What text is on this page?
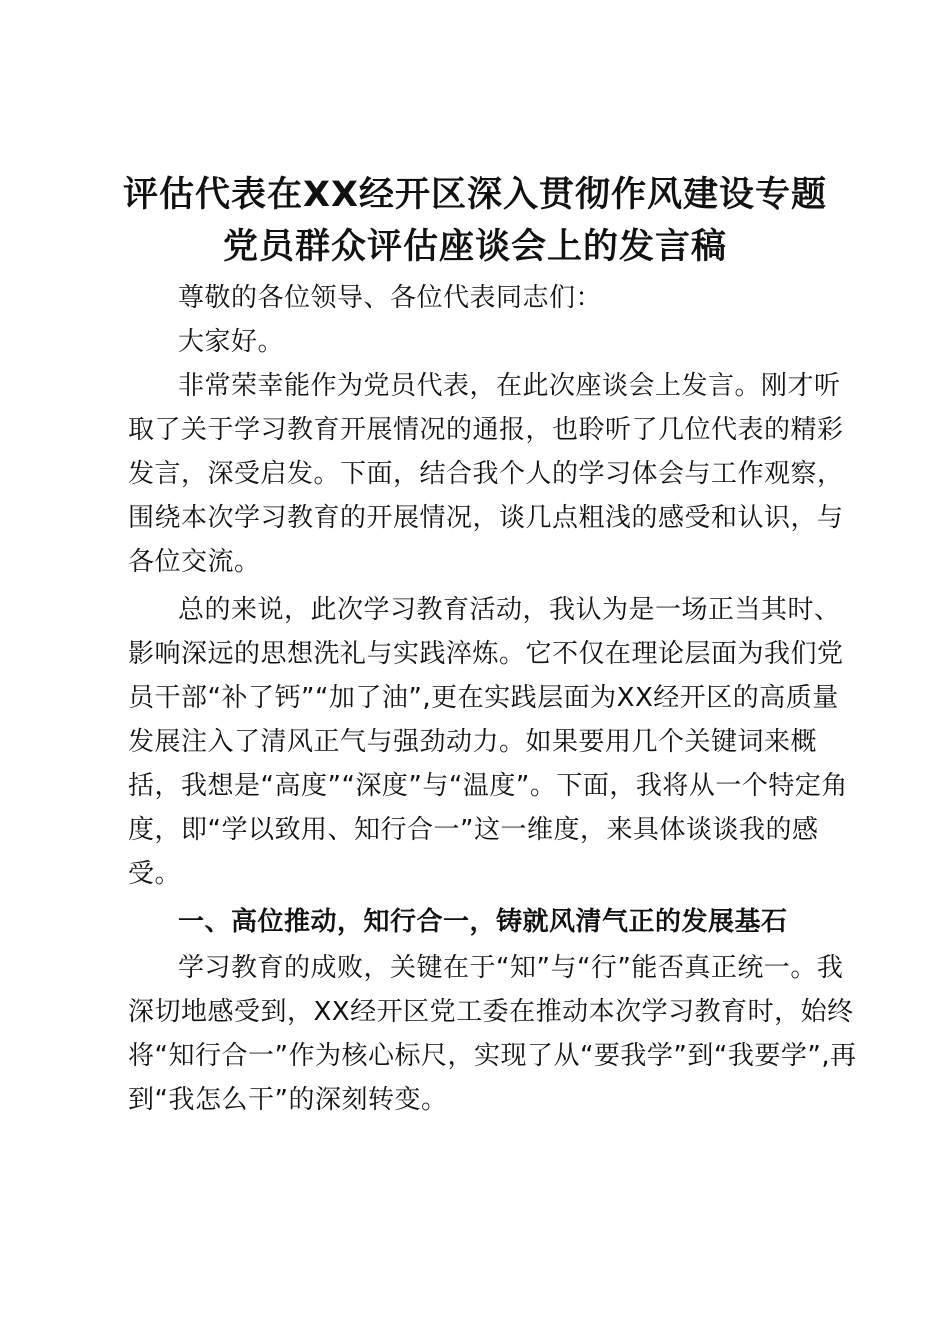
评估代表在XX经开区深入贯彻作风建设专题
党员群众评估座谈会上的发言稿
尊敬的各位领导、各位代表同志们：
大家好。
非常荣幸能作为党员代表，在此次座谈会上发言。刚才听
取了关于学习教育开展情况的通报，也聆听了几位代表的精彩
发言，深受启发。下面，结合我个人的学习体会与工作观察，
围绕本次学习教育的开展情况，谈几点粗浅的感受和认识，与
各位交流。
总的来说，此次学习教育活动，我认为是一场正当其时、
影响深远的思想洗礼与实践淬炼。它不仅在理论层面为我们党
员干部“补了钙”“加了油”,更在实践层面为XX经开区的高质量
发展注入了清风正气与强劲动力。如果要用几个关键词来概
括，我想是“高度”“深度”与“温度”。下面，我将从一个特定角
度，即“学以致用、知行合一”这一维度，来具体谈谈我的感
受。
一、高位推动，知行合一，铸就风清气正的发展基石
学习教育的成败，关键在于“知”与“行”能否真正统一。我
深切地感受到，XX经开区党工委在推动本次学习教育时，始终
将“知行合一”作为核心标尺，实现了从“要我学”到“我要学”,再
到“我怎么干”的深刻转变。
